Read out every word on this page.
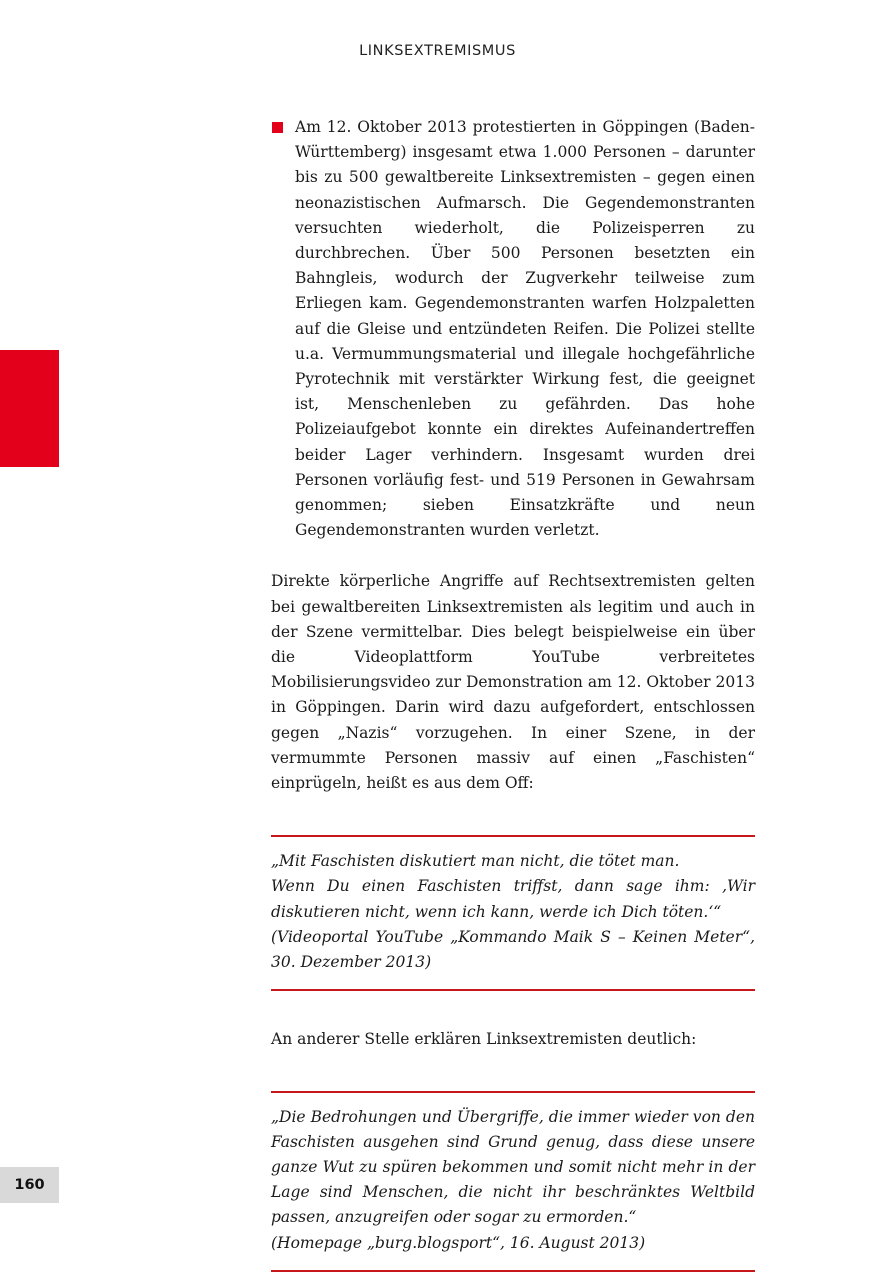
LINKSEXTREMISMUS
Am 12. Oktober 2013 protestierten in Göppingen (Baden-Württemberg) insgesamt etwa 1.000 Personen – darunter bis zu 500 gewaltbereite Linksextremisten – gegen einen neonazistischen Aufmarsch. Die Gegendemonstranten versuchten wiederholt, die Polizeisperren zu durchbrechen. Über 500 Personen besetzten ein Bahngleis, wodurch der Zugverkehr teilweise zum Erliegen kam. Gegendemonstranten warfen Holzpaletten auf die Gleise und entzündeten Reifen. Die Polizei stellte u.a. Vermummungsmaterial und illegale hochgefährliche Pyrotechnik mit verstärkter Wirkung fest, die geeignet ist, Menschenleben zu gefährden. Das hohe Polizeiaufgebot konnte ein direktes Aufeinandertreffen beider Lager verhindern. Insgesamt wurden drei Personen vorläufig fest- und 519 Personen in Gewahrsam genommen; sieben Einsatzkräfte und neun Gegendemonstranten wurden verletzt.
Direkte körperliche Angriffe auf Rechtsextremisten gelten bei gewaltbereiten Linksextremisten als legitim und auch in der Szene vermittelbar. Dies belegt beispielweise ein über die Videoplattform YouTube verbreitetes Mobilisierungsvideo zur Demonstration am 12. Oktober 2013 in Göppingen. Darin wird dazu aufgefordert, entschlossen gegen „Nazis“ vorzugehen. In einer Szene, in der vermummte Personen massiv auf einen „Faschisten“ einprügeln, heißt es aus dem Off:

„Mit Faschisten diskutiert man nicht, die tötet man.

Wenn Du einen Faschisten triffst, dann sage ihm: ‚Wir diskutieren nicht, wenn ich kann, werde ich Dich töten.‘“

(Videoportal YouTube „Kommando Maik S – Keinen Meter“, 30. Dezember 2013)

An anderer Stelle erklären Linksextremisten deutlich:

„Die Bedrohungen und Übergriffe, die immer wieder von den Faschisten ausgehen sind Grund genug, dass diese unsere ganze Wut zu spüren bekommen und somit nicht mehr in der Lage sind Menschen, die nicht ihr beschränktes Weltbild passen, anzugreifen oder sogar zu ermorden.“

(Homepage „burg.blogsport“, 16. August 2013)

160
